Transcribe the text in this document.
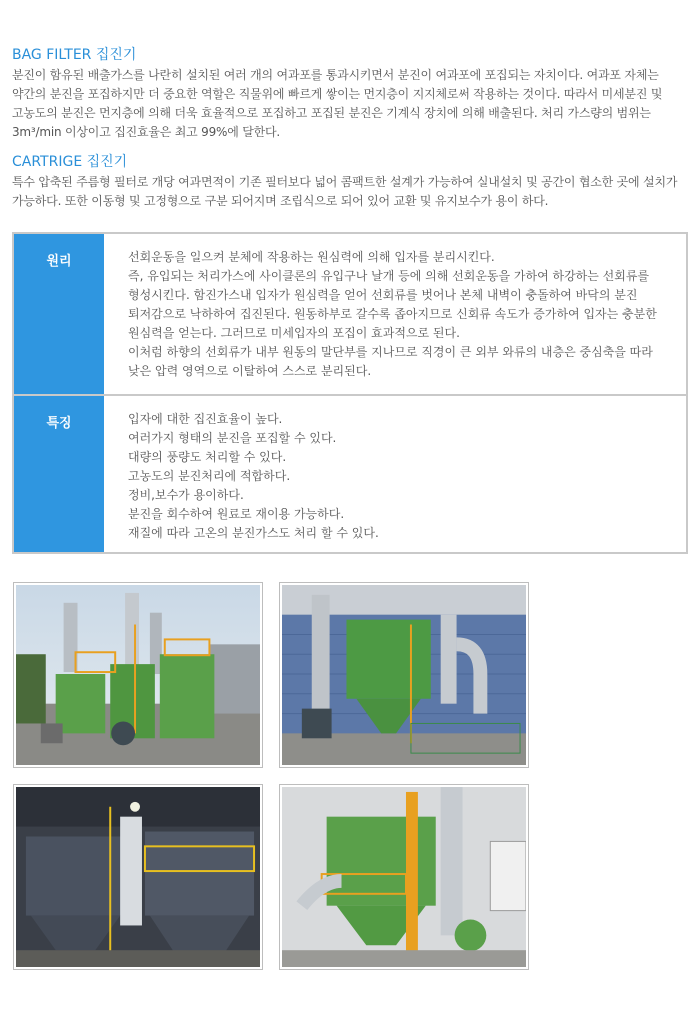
BAG FILTER 집진기

분진이 함유된 배출가스를 나란히 설치된 여러 개의 여과포를 통과시키면서 분진이 여과포에 포집되는 자치이다. 여과포 자체는
약간의 분진을 포집하지만 더 중요한 역할은 직물위에 빠르게 쌓이는 먼지층이 지지체로써 작용하는 것이다. 따라서 미세분진 및
고농도의 분진은 먼지층에 의해 더욱 효율적으로 포집하고 포집된 분진은 기계식 장치에 의해 배출된다. 처리 가스량의 범위는
3m³/min 이상이고 집진효율은 최고 99%에 달한다.

CARTRIGE 집진기

특수 압축된 주름형 필터로 개당 여과면적이 기존 필터보다 넓어 콤팩트한 설계가 가능하여 실내설치 및 공간이 협소한 곳에 설치가
가능하다. 또한 이동형 및 고정형으로 구분 되어지며 조립식으로 되어 있어 교환 및 유지보수가 용이 하다.

원리	선회운동을 일으켜 분체에 작용하는 원심력에 의해 입자를 분리시킨다.
즉, 유입되는 처리가스에 사이클론의 유입구나 날개 등에 의해 선회운동을 가하여 하강하는 선회류를
형성시킨다. 함진가스내 입자가 원심력을 얻어 선회류를 벗어나 본체 내벽이 충돌하여 바닥의 분진
퇴저감으로 낙하하여 집진된다. 원동하부로 갈수록 좁아지므로 신회류 속도가 증가하여 입자는 충분한
원심력을 얻는다. 그러므로 미세입자의 포집이 효과적으로 된다.
이처럼 하향의 선회류가 내부 원동의 말단부를 지나므로 직경이 큰 외부 와류의 내층은 중심축을 따라
낮은 압력 영역으로 이탈하여 스스로 분리된다.
특징	입자에 대한 집진효율이 높다.
여러가지 형태의 분진을 포집할 수 있다.
대량의 풍량도 처리할 수 있다.
고농도의 분진처리에 적합하다.
정비,보수가 용이하다.
분진을 회수하여 원료로 재이용 가능하다.
재질에 따라 고온의 분진가스도 처리 할 수 있다.
